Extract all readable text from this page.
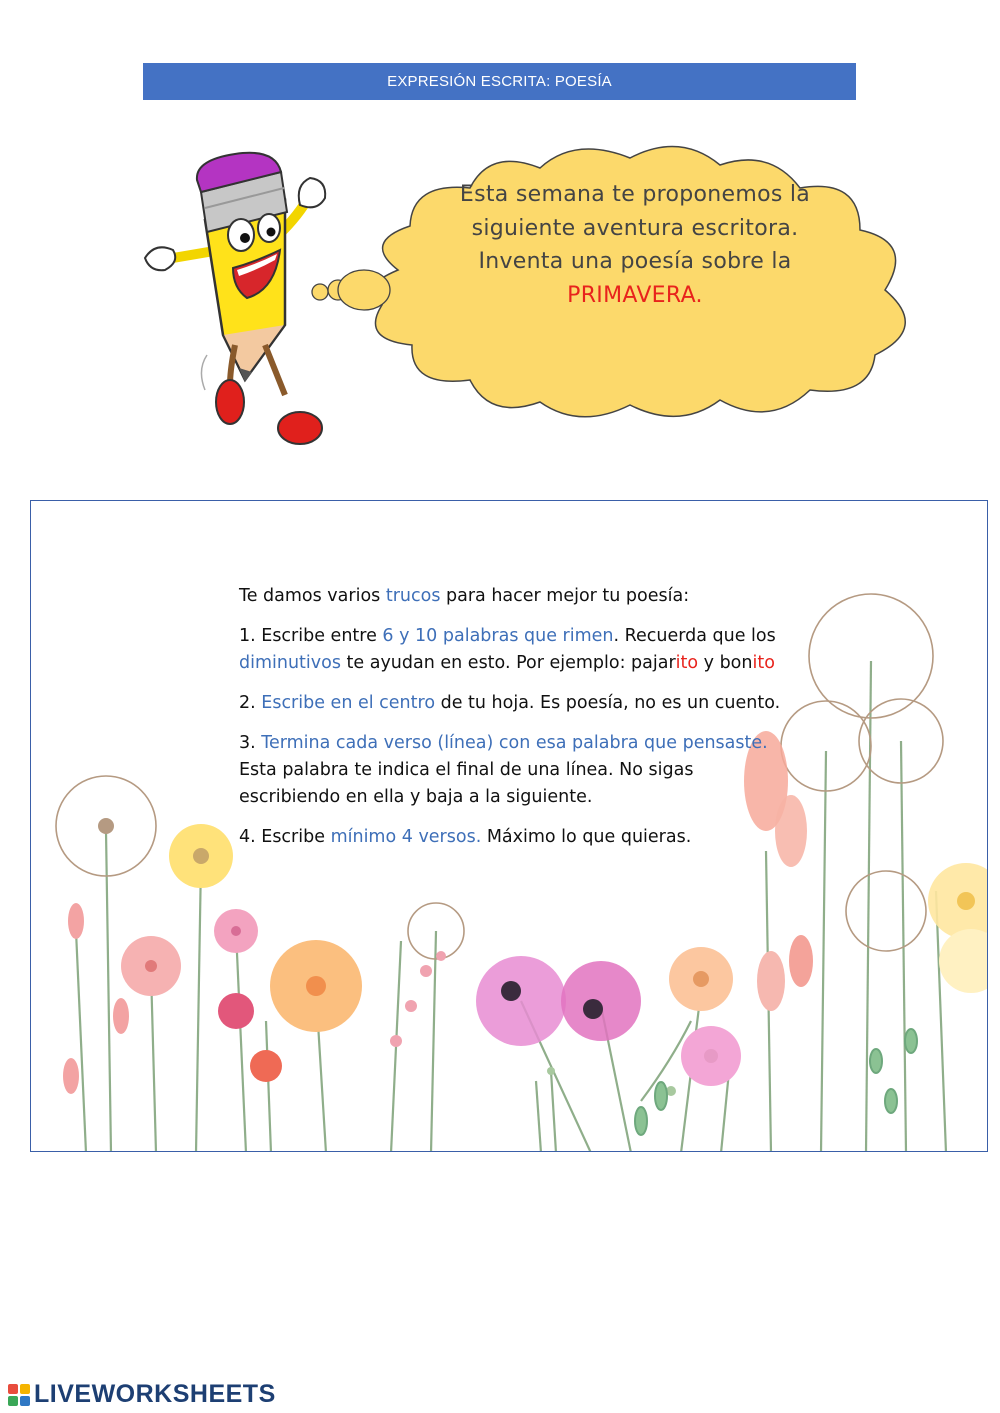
EXPRESIÓN ESCRITA: POESÍA
Esta semana te proponemos la siguiente aventura escritora. Inventa una poesía sobre la PRIMAVERA.

Te damos varios trucos para hacer mejor tu poesía:

1. Escribe entre 6 y 10 palabras que rimen. Recuerda que los diminutivos te ayudan en esto. Por ejemplo: pajarito y bonito

2. Escribe en el centro de tu hoja. Es poesía, no es un cuento.

3. Termina cada verso (línea) con esa palabra que pensaste. Esta palabra te indica el final de una línea. No sigas escribiendo en ella y baja a la siguiente.

4. Escribe mínimo 4 versos. Máximo lo que quieras.

LIVEWORKSHEETS
